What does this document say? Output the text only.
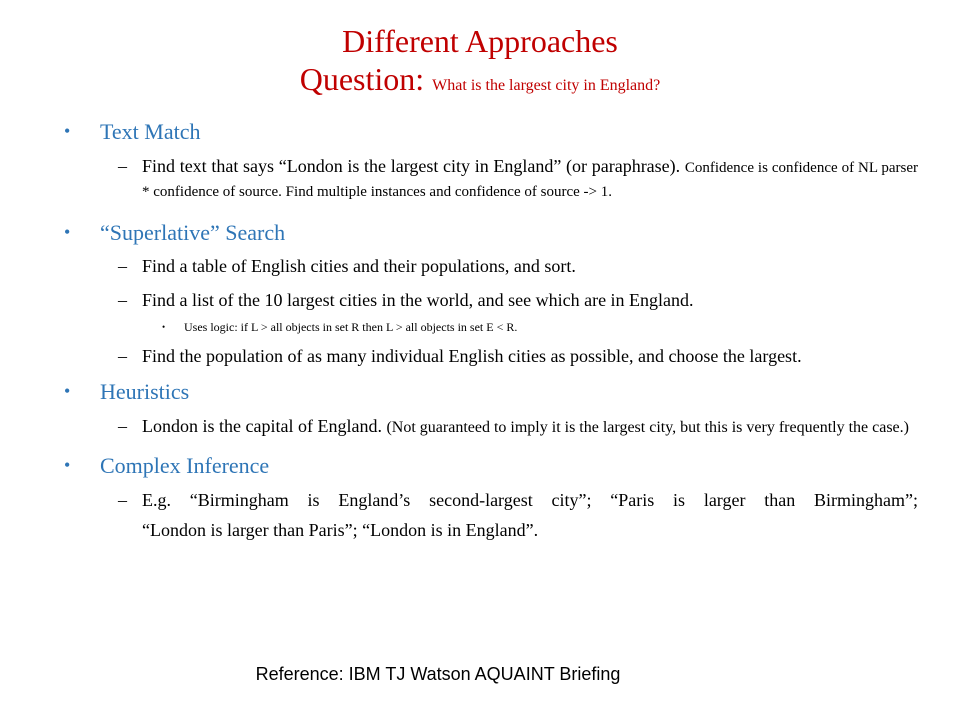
Different Approaches
Question: What is the largest city in England?
• Text Match
– Find text that says “London is the largest city in England” (or paraphrase). Confidence is confidence of NL parser * confidence of source. Find multiple instances and confidence of source -> 1.
• “Superlative” Search
– Find a table of English cities and their populations, and sort.
– Find a list of the 10 largest cities in the world, and see which are in England.
• Uses logic: if L > all objects in set R then L > all objects in set E < R.
– Find the population of as many individual English cities as possible, and choose the largest.
• Heuristics
– London is the capital of England. (Not guaranteed to imply it is the largest city, but this is very frequently the case.)
• Complex Inference
– E.g. “Birmingham is England’s second-largest city”; “Paris is larger than Birmingham”;
“London is larger than Paris”; “London is in England”.
Reference: IBM TJ Watson AQUAINT Briefing
